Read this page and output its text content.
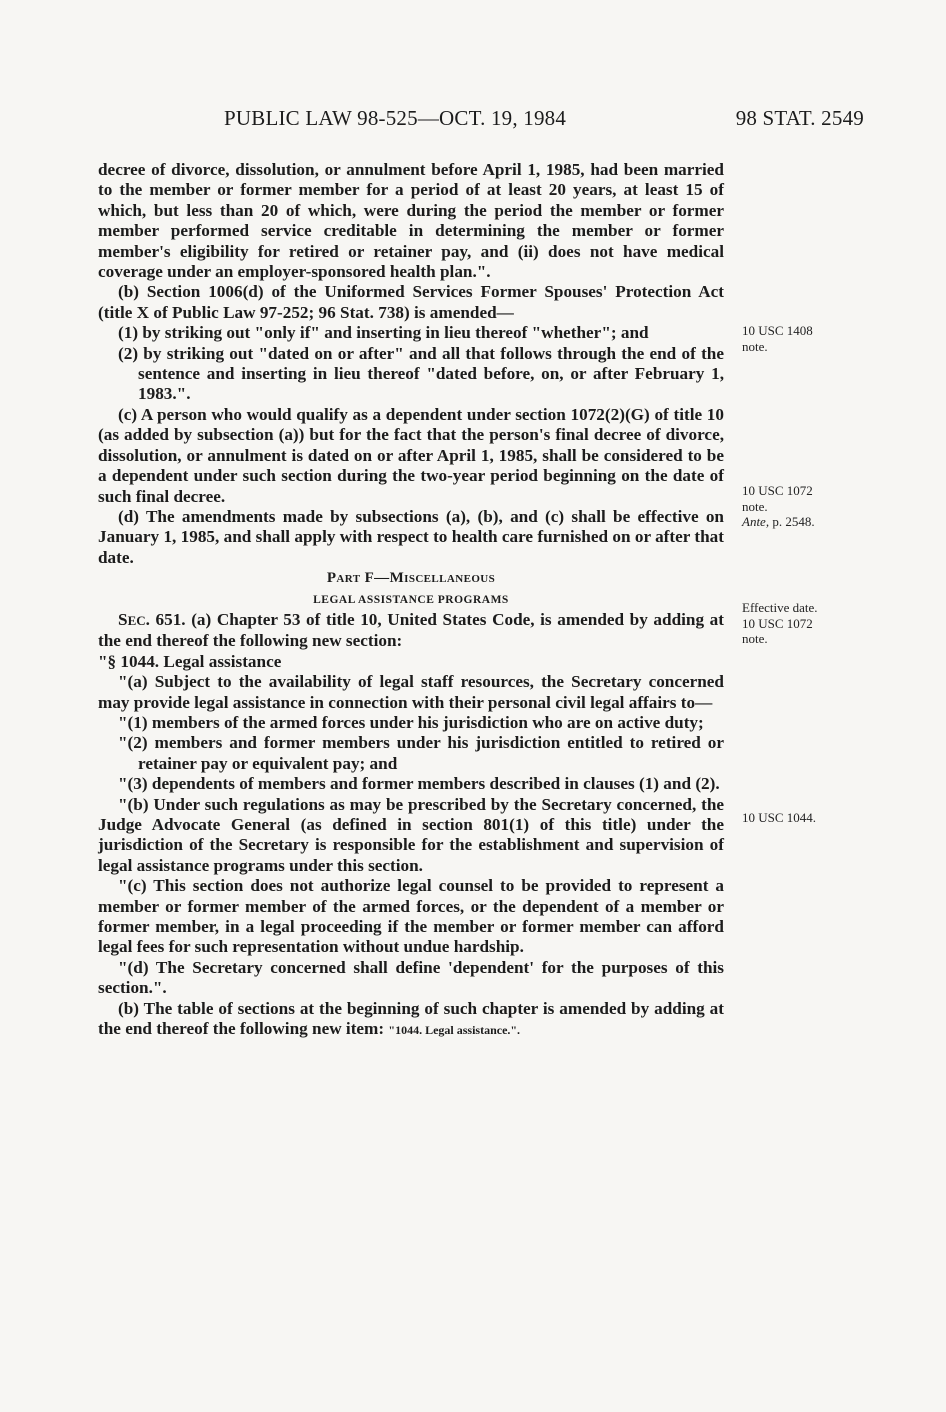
PUBLIC LAW 98-525—OCT. 19, 1984	98 STAT. 2549

decree of divorce, dissolution, or annulment before April 1, 1985, had been married to the member or former member for a period of at least 20 years, at least 15 of which, but less than 20 of which, were during the period the member or former member performed service creditable in determining the member or former member's eligibility for retired or retainer pay, and (ii) does not have medical coverage under an employer-sponsored health plan.".

(b) Section 1006(d) of the Uniformed Services Former Spouses' Protection Act (title X of Public Law 97-252; 96 Stat. 738) is amended—

(1) by striking out "only if" and inserting in lieu thereof "whether"; and

(2) by striking out "dated on or after" and all that follows through the end of the sentence and inserting in lieu thereof "dated before, on, or after February 1, 1983.".

(c) A person who would qualify as a dependent under section 1072(2)(G) of title 10 (as added by subsection (a)) but for the fact that the person's final decree of divorce, dissolution, or annulment is dated on or after April 1, 1985, shall be considered to be a dependent under such section during the two-year period beginning on the date of such final decree.

(d) The amendments made by subsections (a), (b), and (c) shall be effective on January 1, 1985, and shall apply with respect to health care furnished on or after that date.

PART F—MISCELLANEOUS

LEGAL ASSISTANCE PROGRAMS

SEC. 651. (a) Chapter 53 of title 10, United States Code, is amended by adding at the end thereof the following new section:

"§ 1044. Legal assistance

"(a) Subject to the availability of legal staff resources, the Secretary concerned may provide legal assistance in connection with their personal civil legal affairs to—

"(1) members of the armed forces under his jurisdiction who are on active duty;

"(2) members and former members under his jurisdiction entitled to retired or retainer pay or equivalent pay; and

"(3) dependents of members and former members described in clauses (1) and (2).

"(b) Under such regulations as may be prescribed by the Secretary concerned, the Judge Advocate General (as defined in section 801(1) of this title) under the jurisdiction of the Secretary is responsible for the establishment and supervision of legal assistance programs under this section.

"(c) This section does not authorize legal counsel to be provided to represent a member or former member of the armed forces, or the dependent of a member or former member, in a legal proceeding if the member or former member can afford legal fees for such representation without undue hardship.

"(d) The Secretary concerned shall define 'dependent' for the purposes of this section.".

(b) The table of sections at the beginning of such chapter is amended by adding at the end thereof the following new item: "1044. Legal assistance.".

10 USC 1408
note.
10 USC 1072
note.
Ante, p. 2548.
Effective date.
10 USC 1072
note.
10 USC 1044.
